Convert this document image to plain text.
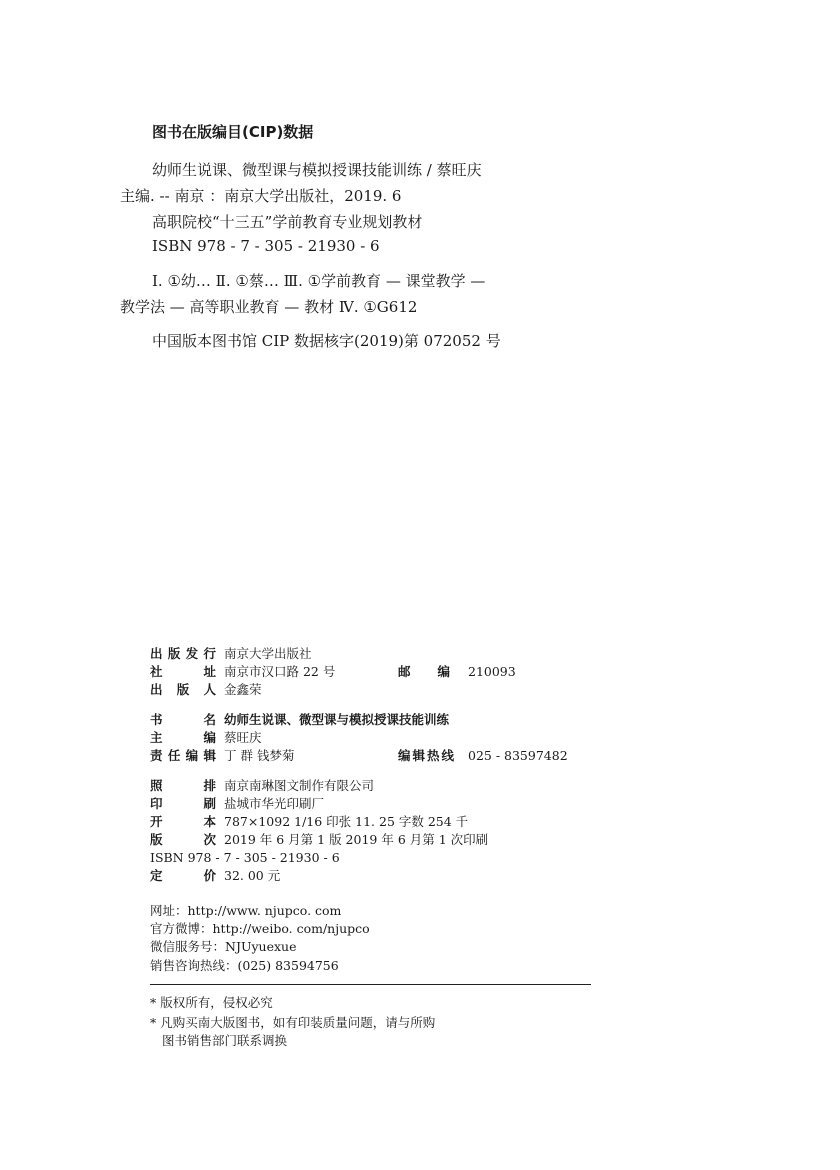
图书在版编目(CIP)数据
幼师生说课、微型课与模拟授课技能训练 / 蔡旺庆
主编. -- 南京 ：南京大学出版社，2019. 6
高职院校“十三五”学前教育专业规划教材
ISBN 978 - 7 - 305 - 21930 - 6
Ⅰ. ①幼… Ⅱ. ①蔡… Ⅲ. ①学前教育 — 课堂教学 —
教学法 — 高等职业教育 — 教材 Ⅳ. ①G612
中国版本图书馆 CIP 数据核字(2019)第 072052 号
出版发行 南京大学出版社
社 址 南京市汉口路 22 号	邮 编 210093
出 版 人 金鑫荣
书 名 幼师生说课、微型课与模拟授课技能训练
主 编 蔡旺庆
责任编辑 丁 群 钱梦菊	编辑热线 025 - 83597482
照 排 南京南琳图文制作有限公司
印 刷 盐城市华光印刷厂
开 本 787×1092 1/16 印张 11. 25 字数 254 千
版 次 2019 年 6 月第 1 版 2019 年 6 月第 1 次印刷
ISBN 978 - 7 - 305 - 21930 - 6
定 价 32. 00 元
网址：http://www. njupco. com
官方微博：http://weibo. com/njupco
微信服务号：NJUyuexue
销售咨询热线：(025) 83594756
* 版权所有，侵权必究
* 凡购买南大版图书，如有印装质量问题，请与所购
图书销售部门联系调换
